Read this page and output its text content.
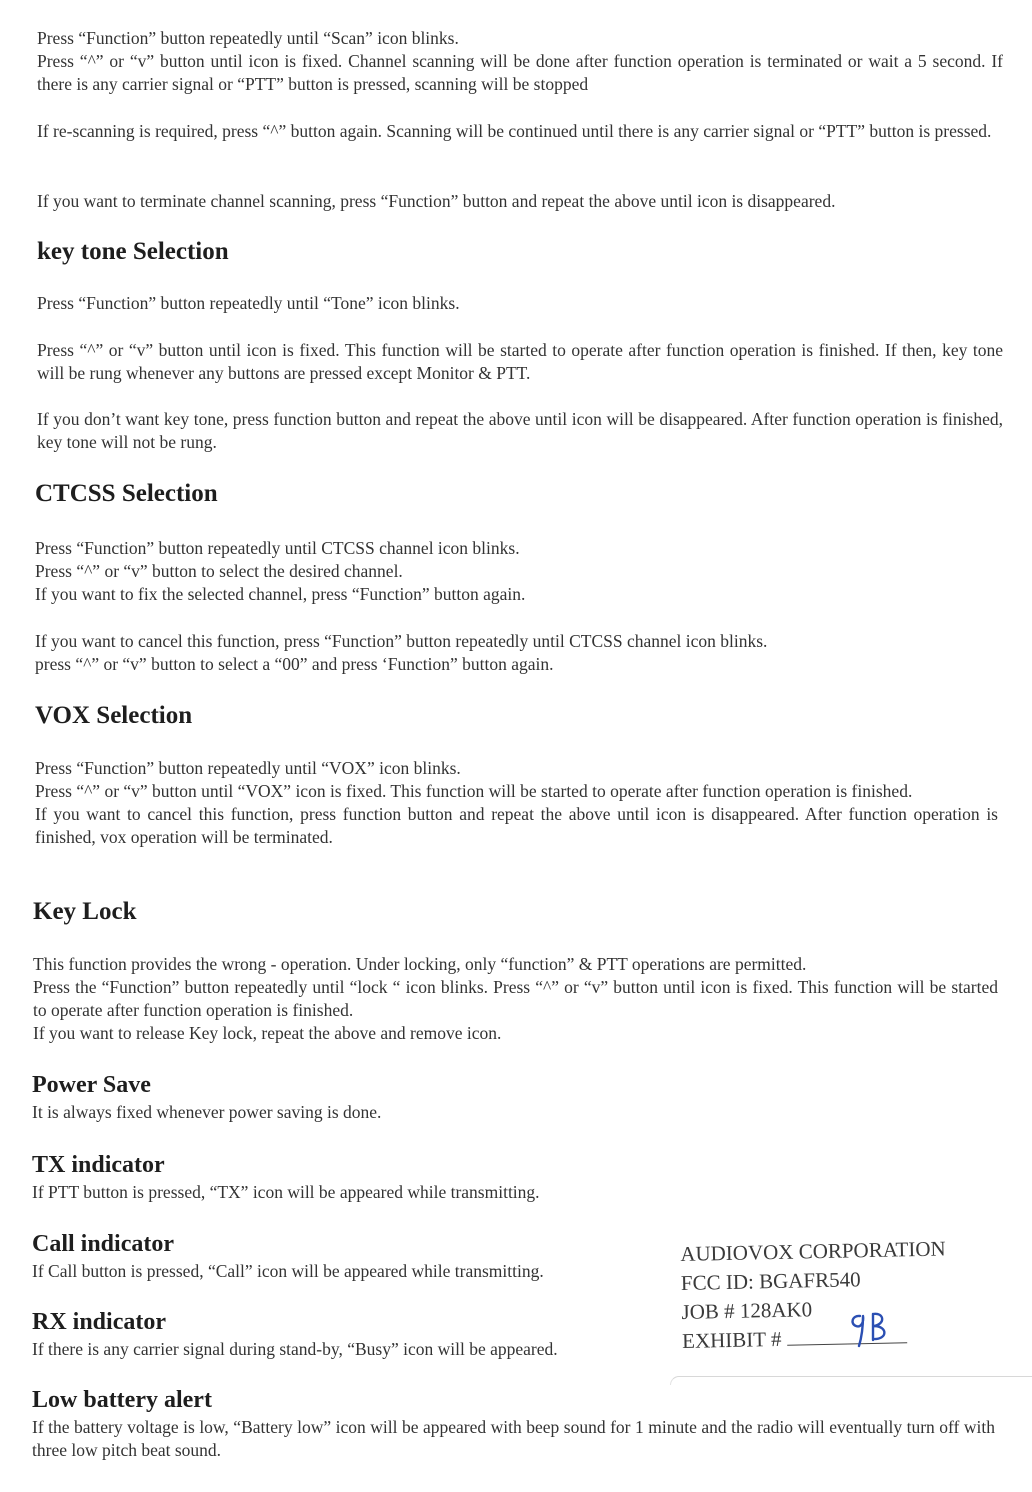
Press “Function” button repeatedly until “Scan” icon blinks.
Press “^” or “v” button until icon is fixed. Channel scanning will be done after function operation is terminated or wait a 5 second. If there is any carrier signal or “PTT” button is pressed, scanning will be stopped

If re-scanning is required, press “^” button again. Scanning will be continued until there is any carrier signal or “PTT” button is pressed.

If you want to terminate channel scanning, press “Function” button and repeat the above until icon is disappeared.

key tone Selection

Press “Function” button repeatedly until “Tone” icon blinks.

Press “^” or “v” button until icon is fixed. This function will be started to operate after function operation is finished. If then, key tone will be rung whenever any buttons are pressed except Monitor & PTT.

If you don’t want key tone, press function button and repeat the above until icon will be disappeared. After function operation is finished, key tone will not be rung.

CTCSS Selection

Press “Function” button repeatedly until CTCSS channel icon blinks.
Press “^” or “v” button to select the desired channel.
If you want to fix the selected channel, press “Function” button again.

If you want to cancel this function, press “Function” button repeatedly until CTCSS channel icon blinks.
press “^” or “v” button to select a “00” and press ‘Function” button again.

VOX Selection

Press “Function” button repeatedly until “VOX” icon blinks.
Press “^” or “v” button until “VOX” icon is fixed. This function will be started to operate after function operation is finished.
If you want to cancel this function, press function button and repeat the above until icon is disappeared. After function operation is finished, vox operation will be terminated.

Key Lock

This function provides the wrong - operation. Under locking, only “function” & PTT operations are permitted.
Press the “Function” button repeatedly until “lock “ icon blinks. Press “^” or “v” button until icon is fixed. This function will be started to operate after function operation is finished.
If you want to release Key lock, repeat the above and remove icon.

Power Save

It is always fixed whenever power saving is done.

TX indicator

If PTT button is pressed, “TX” icon will be appeared while transmitting.

Call indicator

If Call button is pressed, “Call” icon will be appeared while transmitting.

RX indicator

If there is any carrier signal during stand-by, “Busy” icon will be appeared.

Low battery alert

If the battery voltage is low, “Battery low” icon will be appeared with beep sound for 1 minute and the radio will eventually turn off with three low pitch beat sound.

AUDIOVOX CORPORATION
FCC ID: BGAFR540
JOB # 128AK0
EXHIBIT #
